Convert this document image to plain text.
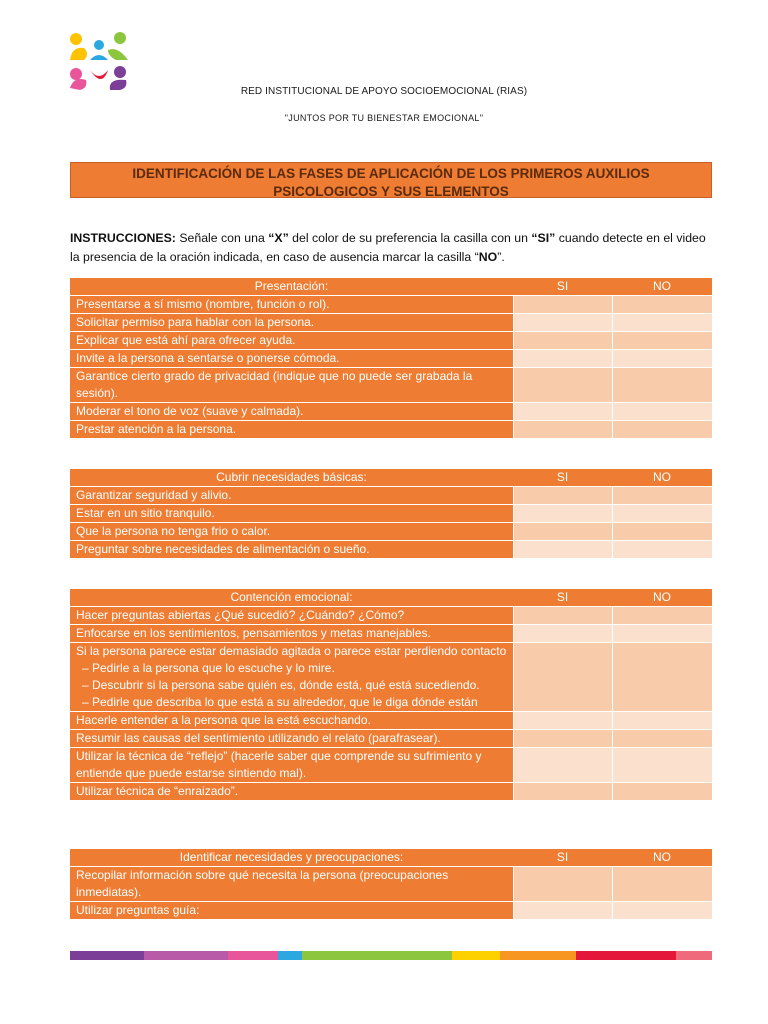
RED INSTITUCIONAL DE APOYO SOCIOEMOCIONAL (RIAS)
"JUNTOS POR TU BIENESTAR EMOCIONAL"
IDENTIFICACIÓN DE LAS FASES DE APLICACIÓN DE LOS PRIMEROS AUXILIOS PSICOLOGICOS Y SUS ELEMENTOS
INSTRUCCIONES: Señale con una “X” del color de su preferencia la casilla con un “SI” cuando detecte en el video la presencia de la oración indicada, en caso de ausencia marcar la casilla “NO”.
Presentación:	SI	NO
Presentarse a sí mismo (nombre, función o rol).		
Solicitar permiso para hablar con la persona.		
Explicar que está ahí para ofrecer ayuda.		
Invite a la persona a sentarse o ponerse cómoda.		
Garantice cierto grado de privacidad (indique que no puede ser grabada la sesión).		
Moderar el tono de voz (suave y calmada).		
Prestar atención a la persona.		
Cubrir necesidades básicas:	SI	NO
Garantizar seguridad y alivio.		
Estar en un sitio tranquilo.		
Que la persona no tenga frio o calor.		
Preguntar sobre necesidades de alimentación o sueño.		
Contención emocional:	SI	NO
Hacer preguntas abiertas ¿Qué sucedió? ¿Cuándo? ¿Cómo?		
Enfocarse en los sentimientos, pensamientos y metas manejables.		
Si la persona parece estar demasiado agitada o parece estar perdiendo contacto
– Pedirle a la persona que lo escuche y lo mire.
– Descubrir si la persona sabe quién es, dónde está, qué está sucediendo.
– Pedirle que describa lo que está a su alrededor, que le diga dónde están		

Hacerle entender a la persona que la está escuchando.		
Resumir las causas del sentimiento utilizando el relato (parafrasear).		
Utilizar la técnica de “reflejo” (hacerle saber que comprende su sufrimiento y entiende que puede estarse sintiendo mal).		
Utilizar técnica de “enraizado”.		
Identificar necesidades y preocupaciones:	SI	NO
Recopilar información sobre qué necesita la persona (preocupaciones inmediatas).		
Utilizar preguntas guía:		
